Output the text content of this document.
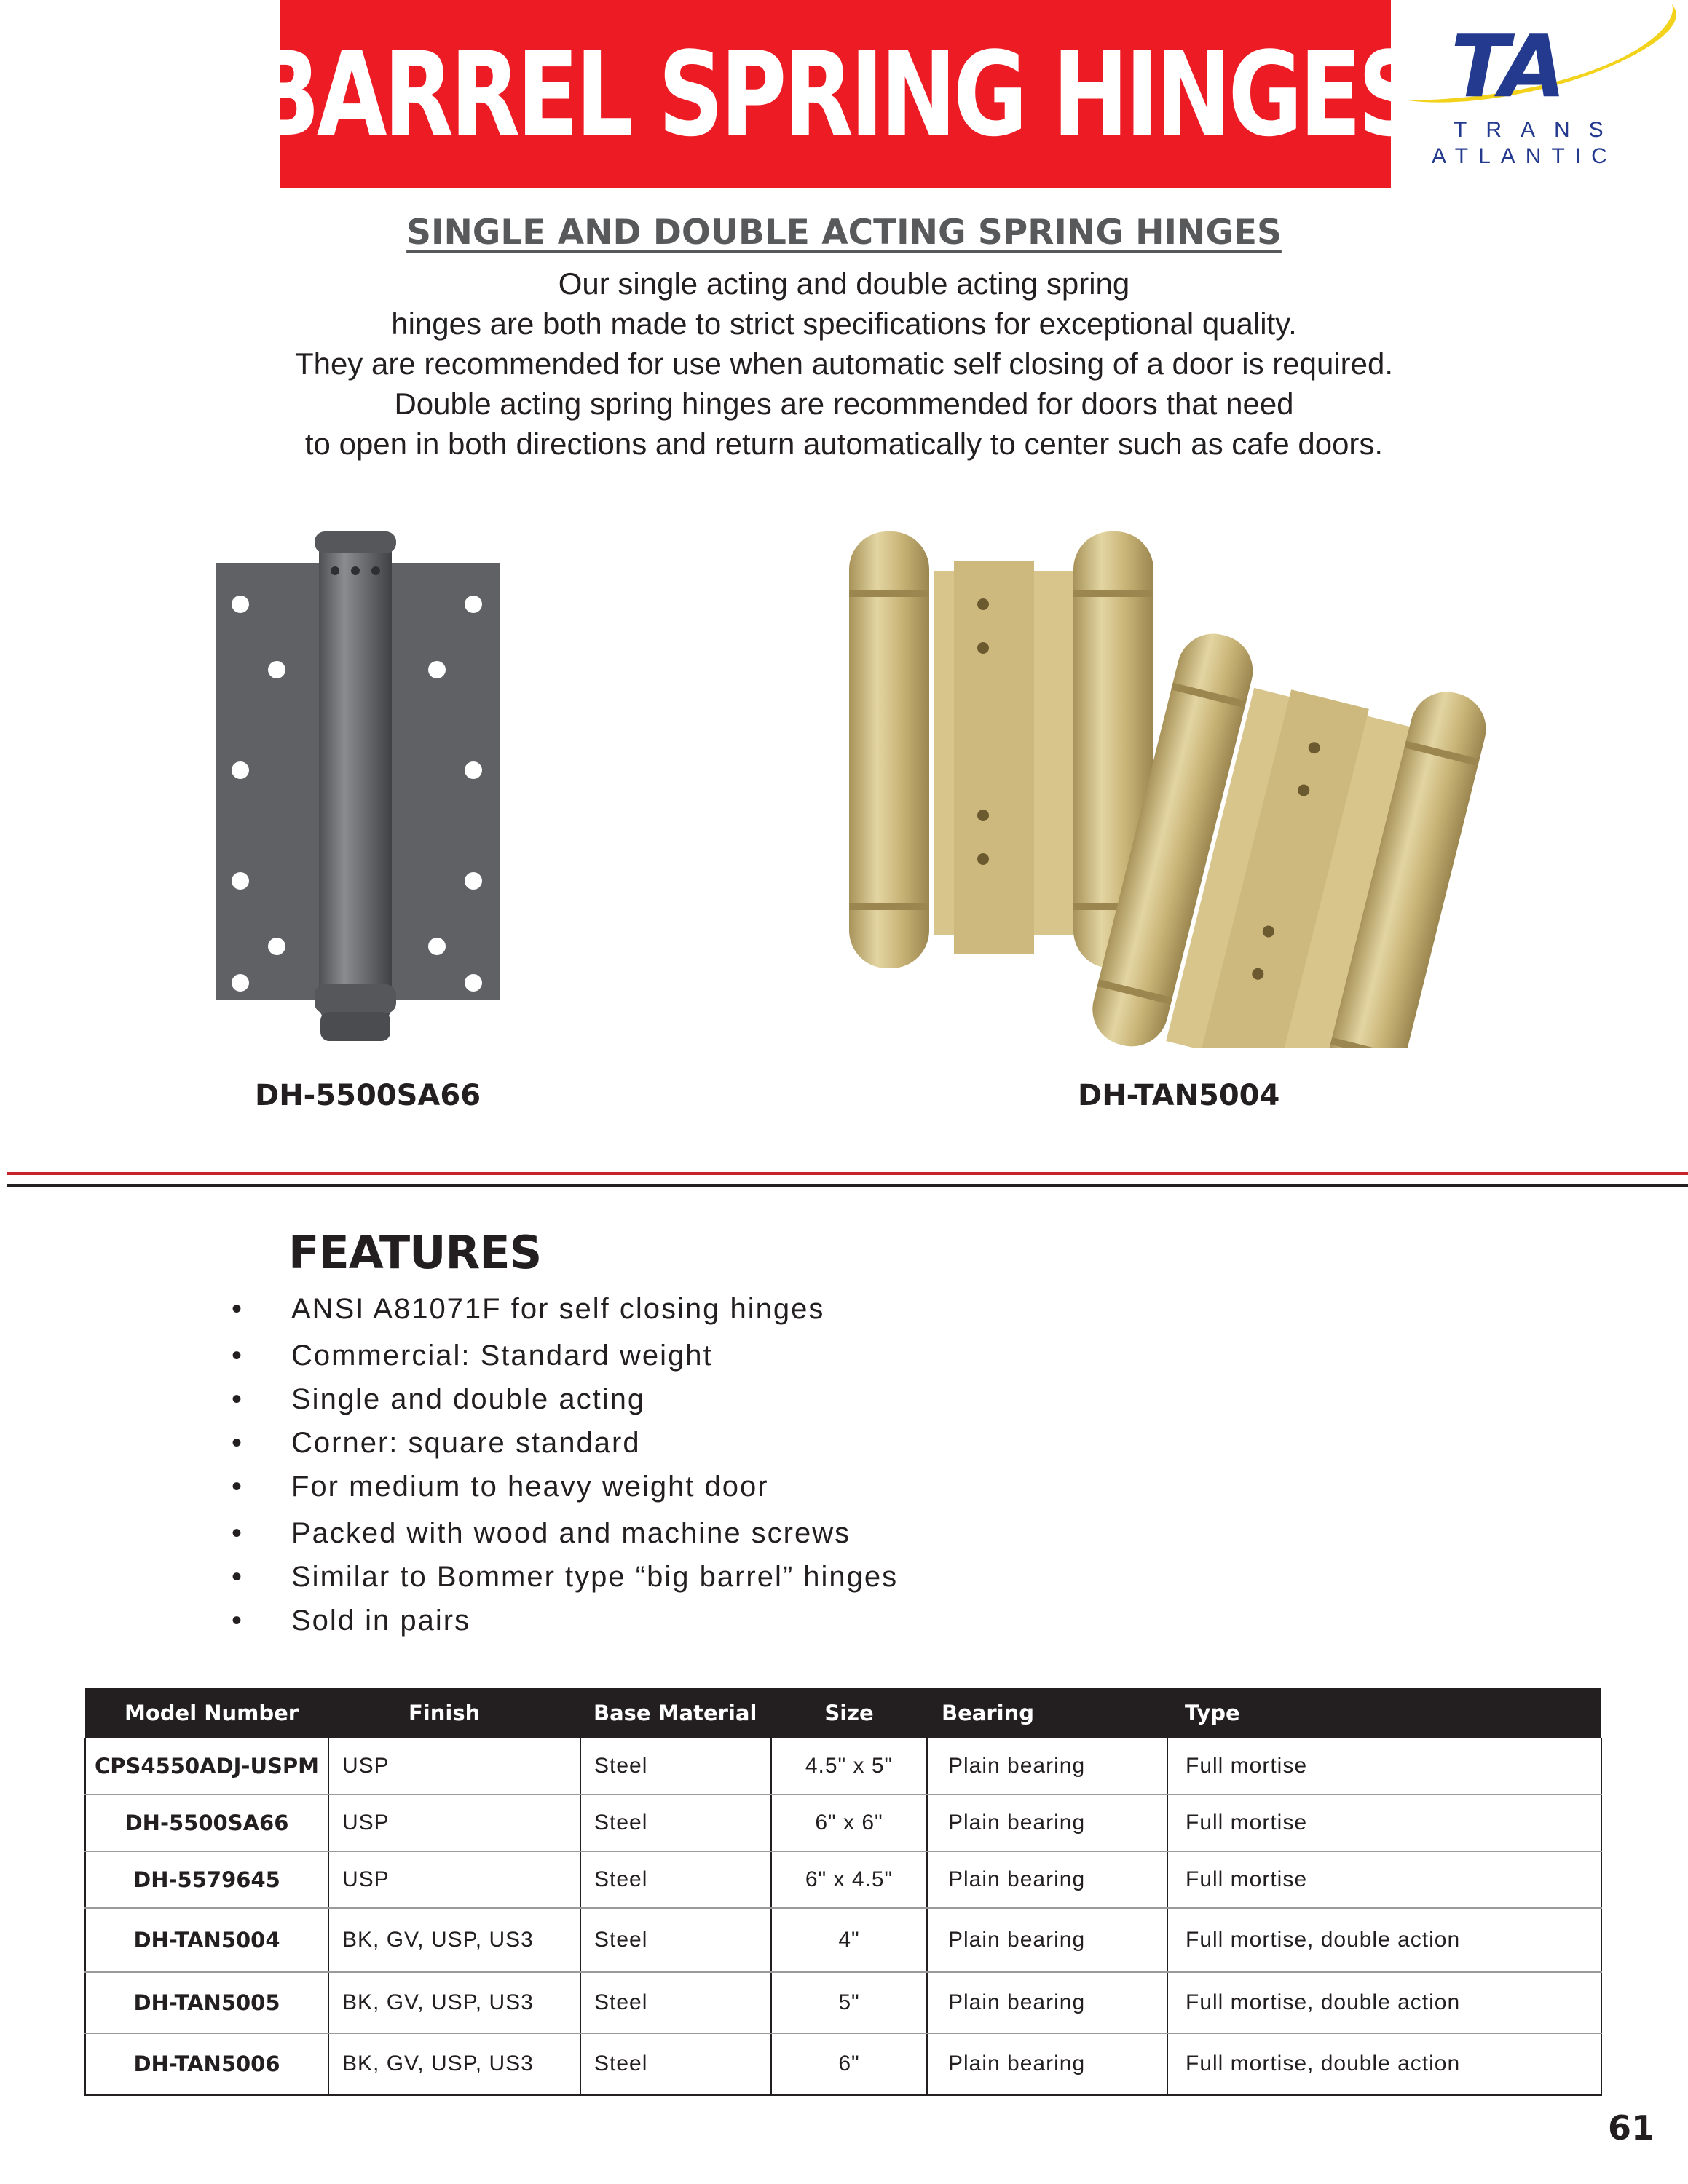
BARREL SPRING HINGES TA
TRANS
ATLANTIC
SINGLE AND DOUBLE ACTING SPRING HINGES
Our single acting and double acting spring
hinges are both made to strict specifications for exceptional quality.
They are recommended for use when automatic self closing of a door is required.
Double acting spring hinges are recommended for doors that need
to open in both directions and return automatically to center such as cafe doors.
DH-5500SA66	DH-TAN5004
FEATURES
• ANSI A81071F for self closing hinges
• Commercial: Standard weight
• Single and double acting
• Corner: square standard
• For medium to heavy weight door
• Packed with wood and machine screws
• Similar to Bommer type “big barrel” hinges
• Sold in pairs
Model Number	Finish	Base Material	Size	Bearing	Type
CPS4550ADJ-USPM	USP	Steel	4.5" x 5"	Plain bearing	Full mortise
DH-5500SA66	USP	Steel	6" x 6"	Plain bearing	Full mortise
DH-5579645	USP	Steel	6" x 4.5"	Plain bearing	Full mortise
DH-TAN5004	BK, GV, USP, US3	Steel	4"	Plain bearing	Full mortise, double action
DH-TAN5005	BK, GV, USP, US3	Steel	5"	Plain bearing	Full mortise, double action
DH-TAN5006	BK, GV, USP, US3	Steel	6"	Plain bearing	Full mortise, double action
61
